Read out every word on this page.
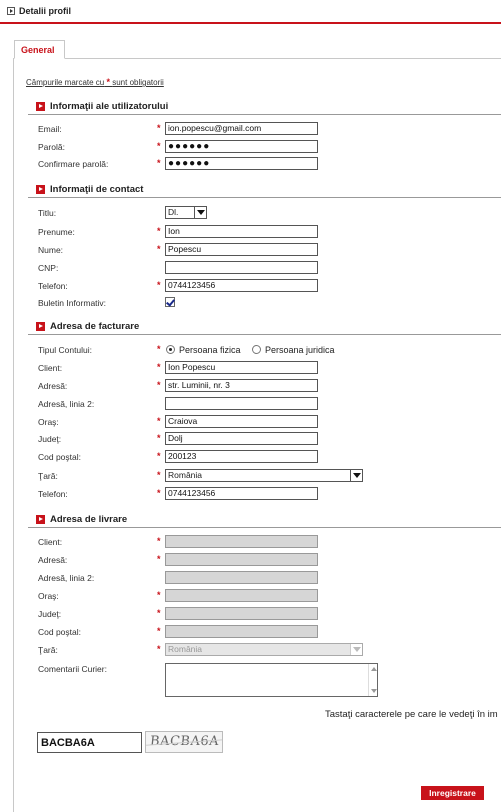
Detalii profil
General
Câmpurile marcate cu * sunt obligatorii
Informaţii ale utilizatorului
Email:	* ion.popescu@gmail.com
Parolă:	* ●●●●●●
Confirmare parolă:	* ●●●●●●
Informaţii de contact
Titlu:	Dl.
Prenume:	* Ion
Nume:	* Popescu
CNP:
Telefon:	* 0744123456
Buletin Informativ:
Adresa de facturare
Tipul Contului:	* Persoana fizica	Persoana juridica
Client:	* Ion Popescu
Adresă:	* str. Luminii, nr. 3
Adresă, linia 2:
Oraş:	* Craiova
Judeţ:	* Dolj
Cod poştal:	* 200123
Ţară:	* România
Telefon:	* 0744123456
Adresa de livrare
Client:	*
Adresă:	*
Adresă, linia 2:
Oraş:	*
Judeţ:	*
Cod poştal:	*
Ţară:	* România
Comentarii Curier:
Tastaţi caracterele pe care le vedeţi în im
BACBA6A	BACBA6A
Inregistrare
